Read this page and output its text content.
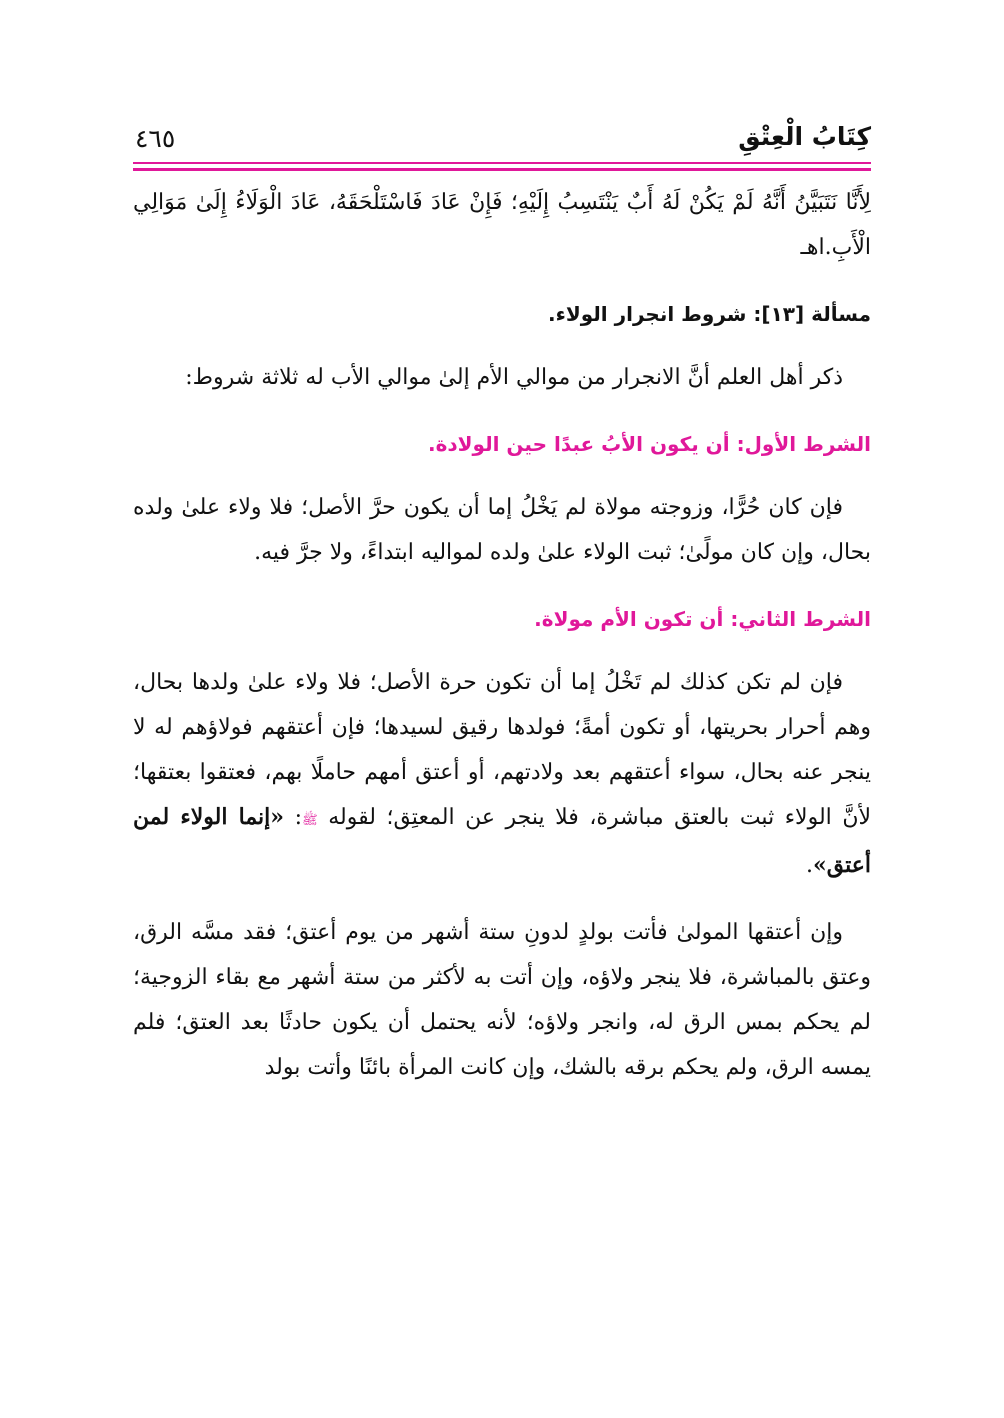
كِتَابُ الْعِتْقِ
٤٦٥

لِأَنَّا نَتَبَيَّنُ أَنَّهُ لَمْ يَكُنْ لَهُ أَبٌ يَنْتَسِبُ إِلَيْهِ؛ فَإِنْ عَادَ فَاسْتَلْحَقَهُ، عَادَ الْوَلَاءُ إِلَىٰ مَوَالِي الْأَبِ.اهـ

مسألة [١٣]: شروط انجرار الولاء.

ذكر أهل العلم أنَّ الانجرار من موالي الأم إلىٰ موالي الأب له ثلاثة شروط:

الشرط الأول: أن يكون الأبُ عبدًا حين الولادة.

فإن كان حُرًّا، وزوجته مولاة لم يَخْلُ إما أن يكون حرَّ الأصل؛ فلا ولاء علىٰ ولده بحال، وإن كان مولًىٰ؛ ثبت الولاء علىٰ ولده لمواليه ابتداءً، ولا جرَّ فيه.

الشرط الثاني: أن تكون الأم مولاة.

فإن لم تكن كذلك لم تَخْلُ إما أن تكون حرة الأصل؛ فلا ولاء علىٰ ولدها بحال، وهم أحرار بحريتها، أو تكون أمةً؛ فولدها رقيق لسيدها؛ فإن أعتقهم فولاؤهم له لا ينجر عنه بحال، سواء أعتقهم بعد ولادتهم، أو أعتق أمهم حاملًا بهم، فعتقوا بعتقها؛ لأنَّ الولاء ثبت بالعتق مباشرة، فلا ينجر عن المعتِق؛ لقوله ﷺ: «إنما الولاء لمن أعتق».

وإن أعتقها المولىٰ فأتت بولدٍ لدونِ ستة أشهر من يوم أعتق؛ فقد مسَّه الرق، وعتق بالمباشرة، فلا ينجر ولاؤه، وإن أتت به لأكثر من ستة أشهر مع بقاء الزوجية؛ لم يحكم بمس الرق له، وانجر ولاؤه؛ لأنه يحتمل أن يكون حادثًا بعد العتق؛ فلم يمسه الرق، ولم يحكم برقه بالشك، وإن كانت المرأة بائنًا وأتت بولد
